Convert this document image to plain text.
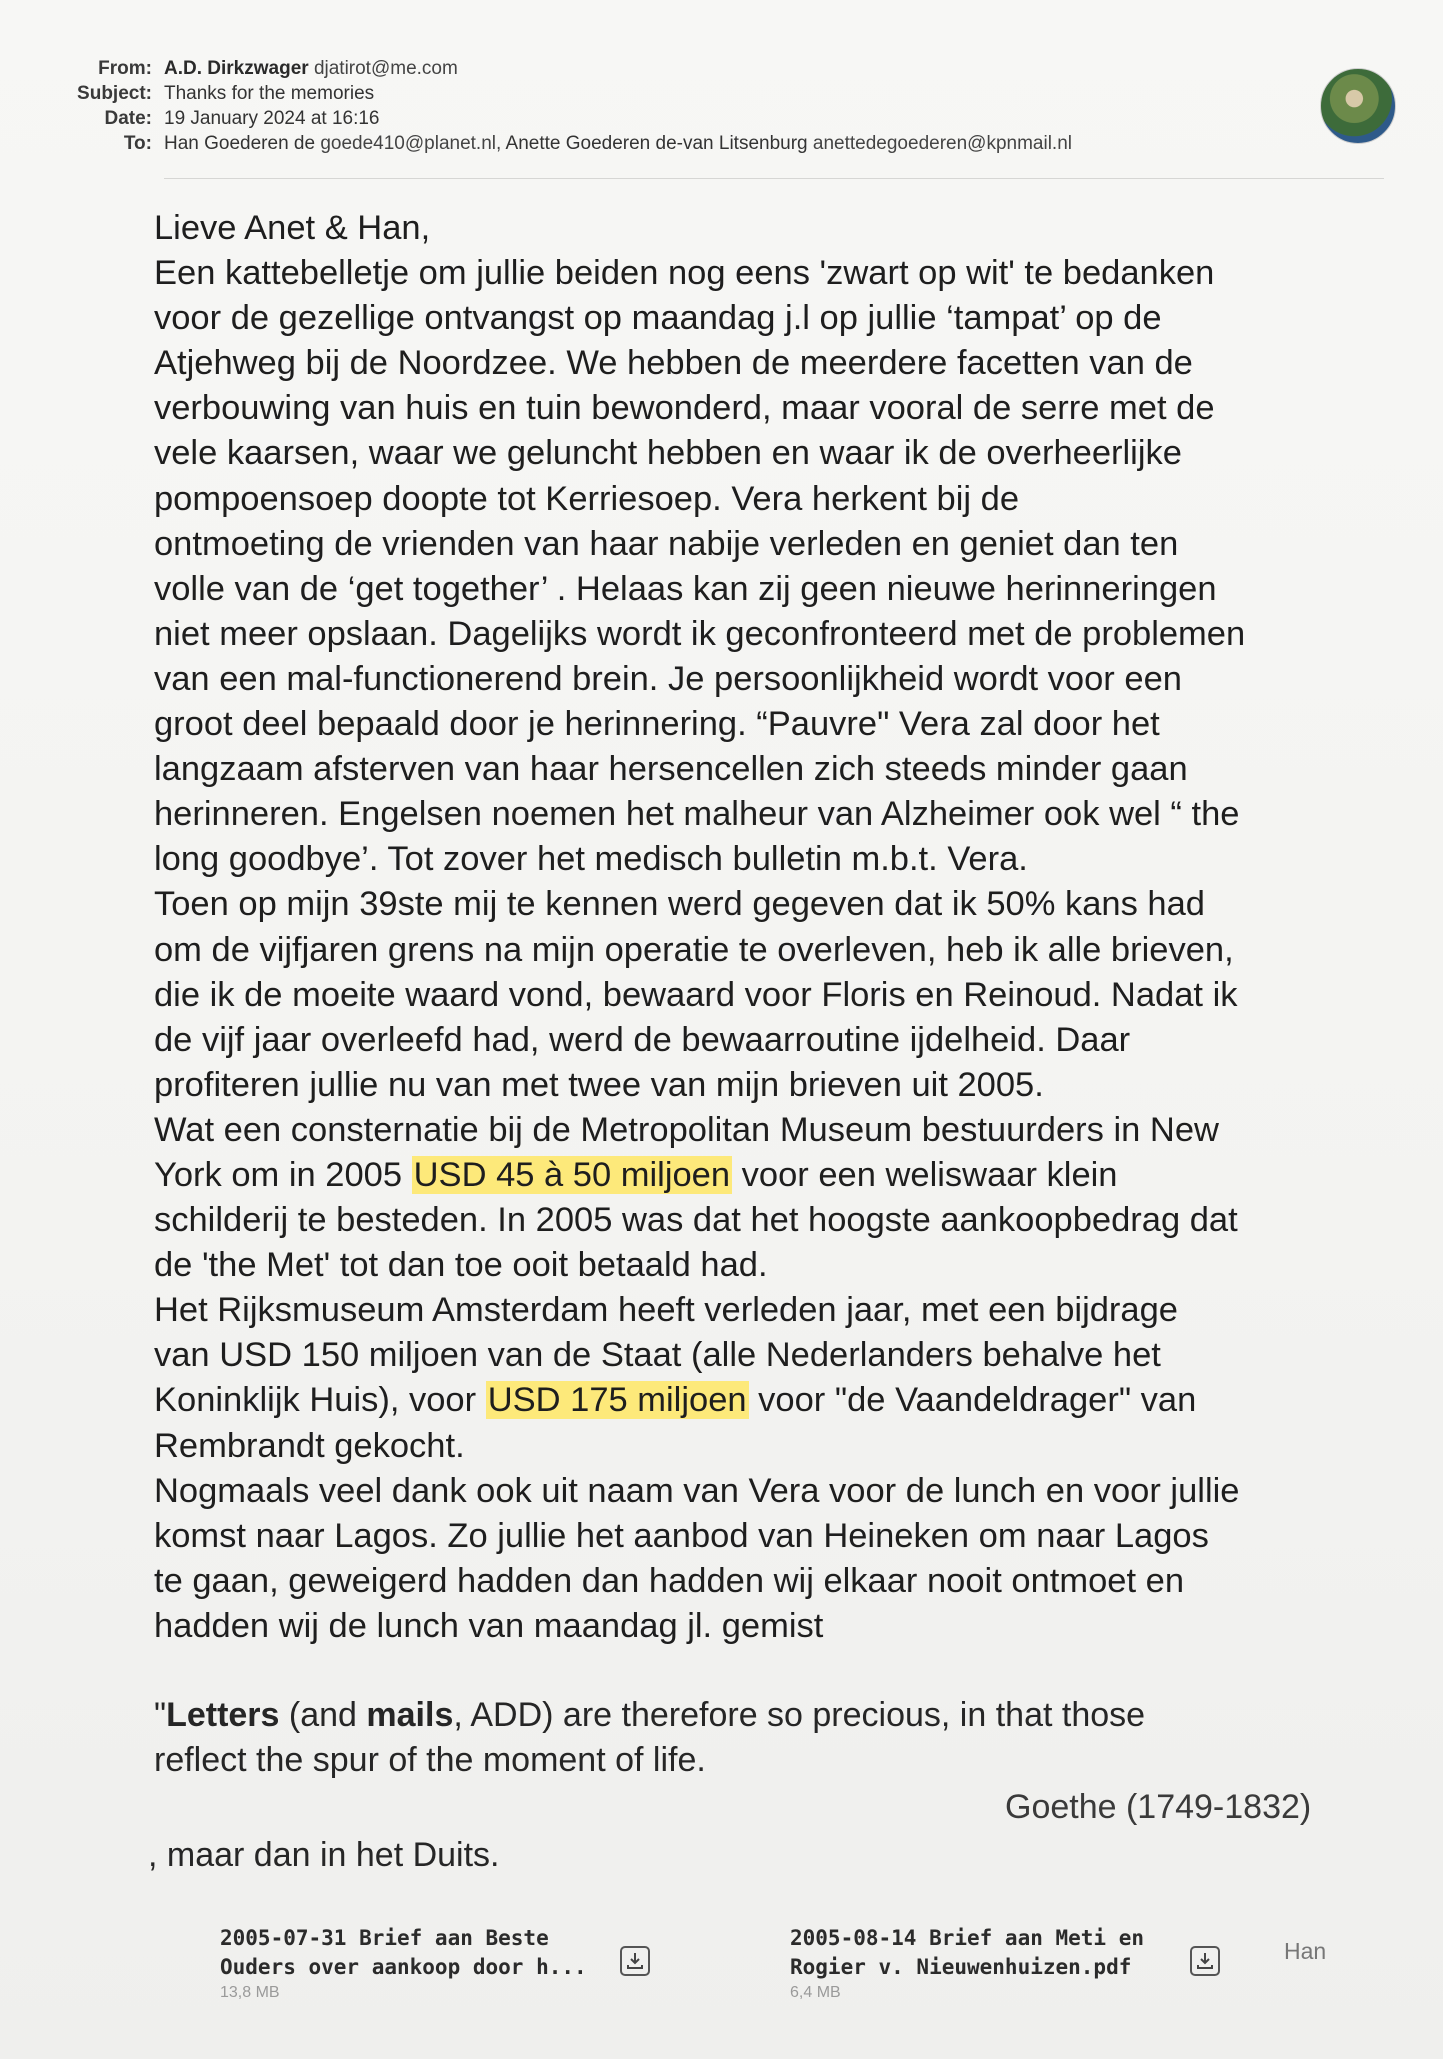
From: A.D. Dirkzwager djatirot@me.com
Subject: Thanks for the memories
Date: 19 January 2024 at 16:16
To: Han Goederen de goede410@planet.nl, Anette Goederen de-van Litsenburg anettedegoederen@kpnmail.nl
Lieve Anet & Han,
Een kattebelletje om jullie beiden nog eens 'zwart op wit' te bedanken
voor de gezellige ontvangst op maandag j.l op jullie ‘tampat’ op de
Atjehweg bij de Noordzee. We hebben de meerdere facetten van de
verbouwing van huis en tuin bewonderd, maar vooral de serre met de
vele kaarsen, waar we geluncht hebben en waar ik de overheerlijke
pompoensoep doopte tot Kerriesoep. Vera herkent bij de
ontmoeting de vrienden van haar nabije verleden en geniet dan ten
volle van de ‘get together’ . Helaas kan zij geen nieuwe herinneringen
niet meer opslaan. Dagelijks wordt ik geconfronteerd met de problemen
van een mal-functionerend brein. Je persoonlijkheid wordt voor een
groot deel bepaald door je herinnering. “Pauvre" Vera zal door het
langzaam afsterven van haar hersencellen zich steeds minder gaan
herinneren. Engelsen noemen het malheur van Alzheimer ook wel “ the
long goodbye’. Tot zover het medisch bulletin m.b.t. Vera.
Toen op mijn 39ste mij te kennen werd gegeven dat ik 50% kans had
om de vijfjaren grens na mijn operatie te overleven, heb ik alle brieven,
die ik de moeite waard vond, bewaard voor Floris en Reinoud. Nadat ik
de vijf jaar overleefd had, werd de bewaarroutine ijdelheid. Daar
profiteren jullie nu van met twee van mijn brieven uit 2005.
Wat een consternatie bij de Metropolitan Museum bestuurders in New
York om in 2005 USD 45 à 50 miljoen voor een weliswaar klein
schilderij te besteden. In 2005 was dat het hoogste aankoopbedrag dat
de 'the Met' tot dan toe ooit betaald had.
Het Rijksmuseum Amsterdam heeft verleden jaar, met een bijdrage
van USD 150 miljoen van de Staat (alle Nederlanders behalve het
Koninklijk Huis), voor USD 175 miljoen voor "de Vaandeldrager" van
Rembrandt gekocht.
Nogmaals veel dank ook uit naam van Vera voor de lunch en voor jullie
komst naar Lagos. Zo jullie het aanbod van Heineken om naar Lagos
te gaan, geweigerd hadden dan hadden wij elkaar nooit ontmoet en
hadden wij de lunch van maandag jl. gemist
"Letters (and mails, ADD) are therefore so precious, in that those
reflect the spur of the moment of life.
Goethe (1749-1832)
, maar dan in het Duits.
2005-07-31 Brief aan Beste
Ouders over aankoop door h...
13,8 MB
2005-08-14 Brief aan Meti en
Rogier v. Nieuwenhuizen.pdf
6,4 MB
Han
